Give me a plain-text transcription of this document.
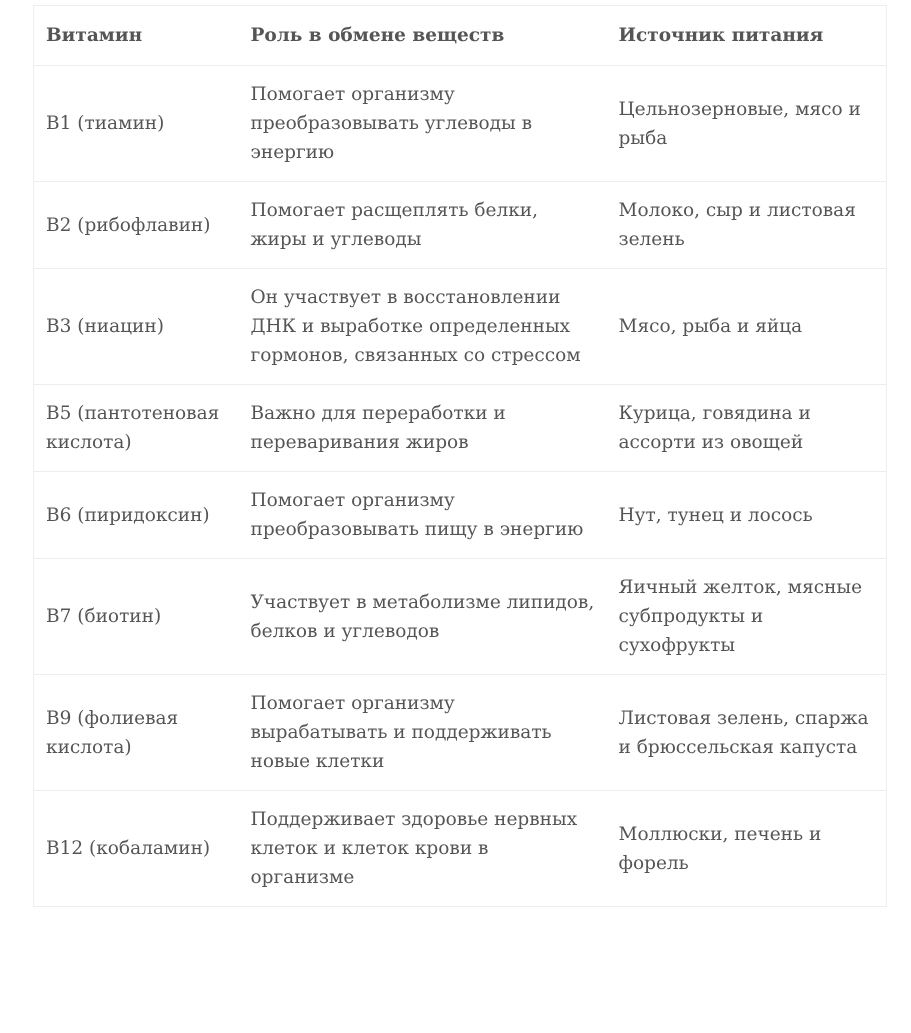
Витамин	Роль в обмене веществ	Источник питания
B1 (тиамин)	Помогает организму преобразовывать углеводы в энергию	Цельнозерновые, мясо и рыба
B2 (рибофлавин)	Помогает расщеплять белки, жиры и углеводы	Молоко, сыр и листовая зелень
B3 (ниацин)	Он участвует в восстановлении ДНК и выработке определенных гормонов, связанных со стрессом	Мясо, рыба и яйца
B5 (пантотеновая кислота)	Важно для переработки и переваривания жиров	Курица, говядина и ассорти из овощей
B6 (пиридоксин)	Помогает организму преобразовывать пищу в энергию	Нут, тунец и лосось
B7 (биотин)	Участвует в метаболизме липидов, белков и углеводов	Яичный желток, мясные субпродукты и сухофрукты
B9 (фолиевая кислота)	Помогает организму вырабатывать и поддерживать новые клетки	Листовая зелень, спаржа и брюссельская капуста
B12 (кобаламин)	Поддерживает здоровье нервных клеток и клеток крови в организме	Моллюски, печень и форель
